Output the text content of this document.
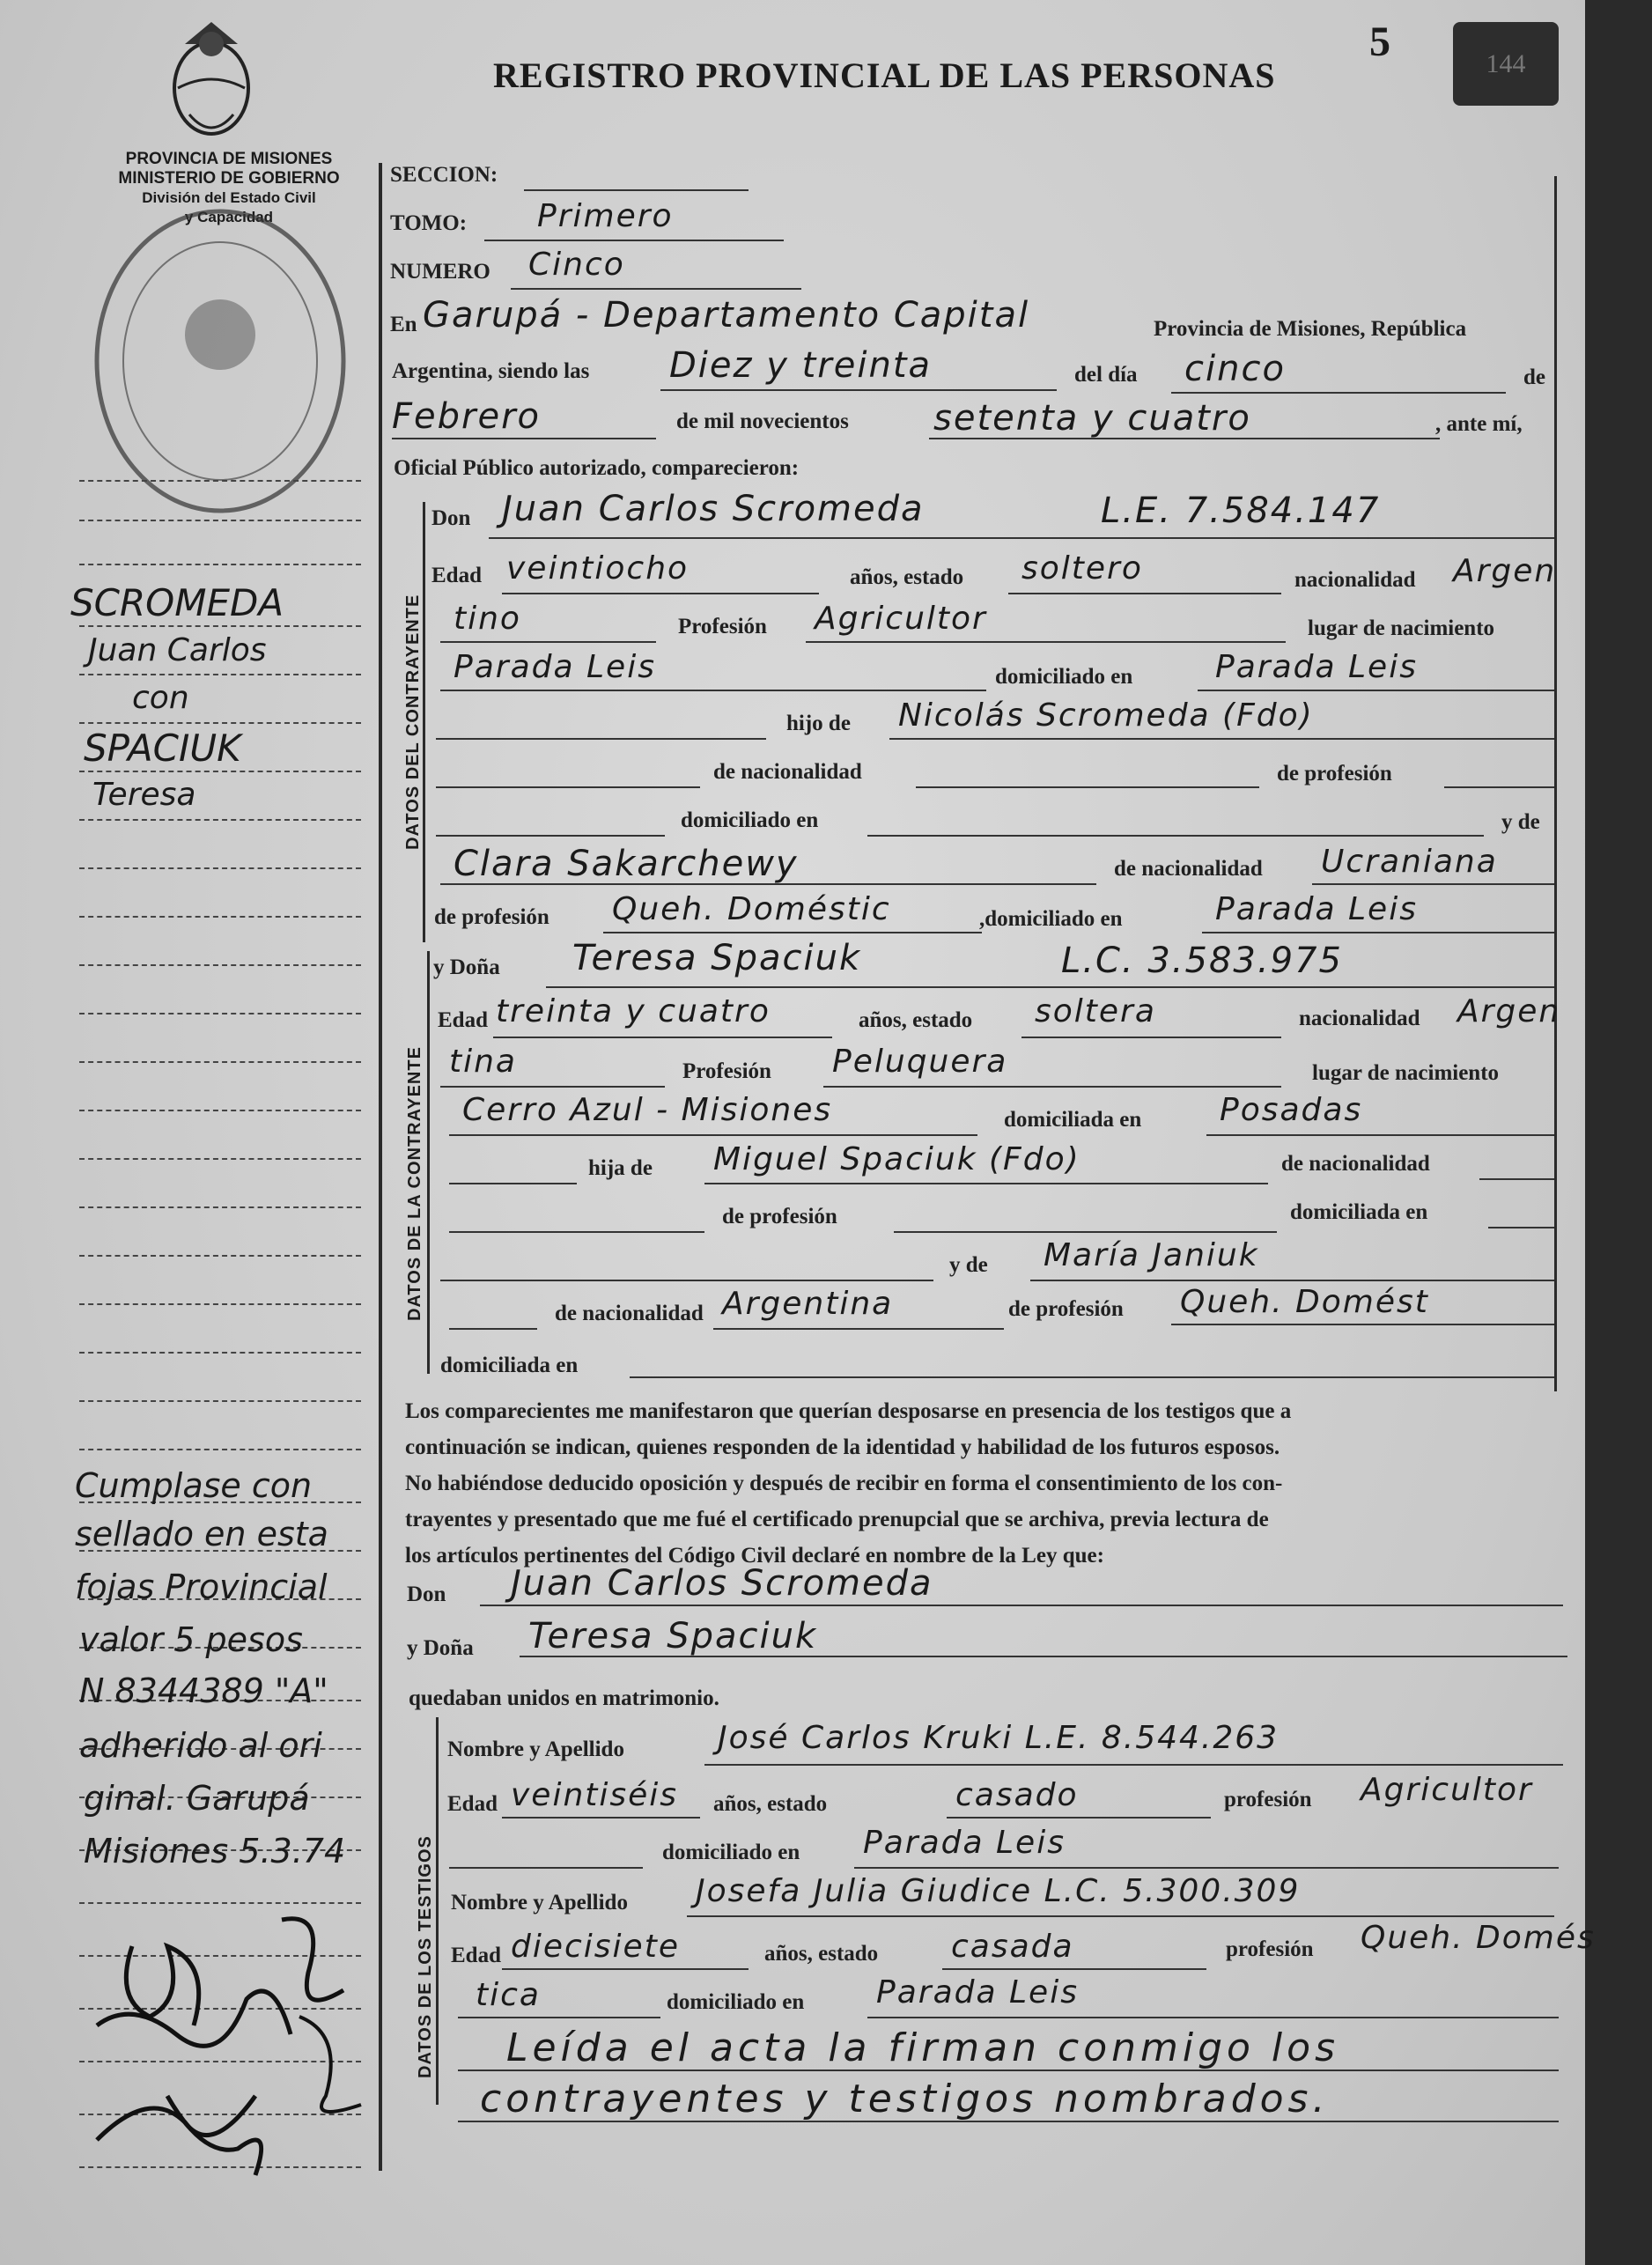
PROVINCIA DE MISIONES
MINISTERIO DE GOBIERNO
División del Estado Civil
y Capacidad
REGISTRO PROVINCIAL DE LAS PERSONAS
5	144
DATOS DEL CONTRAYENTE
DATOS DE LA CONTRAYENTE
DATOS DE LOS TESTIGOS
SECCION:
TOMO: Primero
NUMERO Cinco
En Garupá - Departamento Capital	Provincia de Misiones, República
Argentina, siendo las Diez y treinta	del día cinco	de
Febrero	de mil novecientos setenta y cuatro	, ante mí,
Oficial Público autorizado, comparecieron:
Don Juan Carlos Scromeda	L.E. 7.584.147
Edad veintiocho	años, estado soltero	nacionalidad Argen
tino	Profesión Agricultor	lugar de nacimiento
Parada Leis	domiciliado en	Parada Leis
hijo de Nicolás Scromeda (Fdo)
de nacionalidad	de profesión
domiciliado en	y de
Clara Sakarchewy	de nacionalidad Ucraniana
de profesión Queh. Doméstic	,domiciliado en	Parada Leis
y Doña Teresa Spaciuk	L.C. 3.583.975
Edad treinta y cuatro	años, estado soltera	nacionalidad Argen
tina	Profesión Peluquera	lugar de nacimiento
Cerro Azul - Misiones	domiciliada en Posadas
hija de Miguel Spaciuk (Fdo)	de nacionalidad
de profesión	domiciliada en
y de María Janiuk
de nacionalidad Argentina	de profesión Queh. Domést
domiciliada en
Los comparecientes me manifestaron que querían desposarse en presencia de los testigos que a
continuación se indican, quienes responden de la identidad y habilidad de los futuros esposos.
No habiéndose deducido oposición y después de recibir en forma el consentimiento de los con-
trayentes y presentado que me fué el certificado prenupcial que se archiva, previa lectura de
los artículos pertinentes del Código Civil declaré en nombre de la Ley que:
Don Juan Carlos Scromeda
y Doña Teresa Spaciuk
quedaban unidos en matrimonio.
Nombre y Apellido	José Carlos Kruki L.E. 8.544.263
Edad veintiséis años, estado	casado	profesión Agricultor
domiciliado en Parada Leis
Nombre y Apellido Josefa Julia Giudice L.C. 5.300.309
Edad diecisiete	años, estado casada	profesión Queh. Domés
tica	domiciliado en Parada Leis
Leída el acta la firman conmigo los
contrayentes y testigos nombrados.
SCROMEDA
Juan Carlos
con
SPACIUK
Teresa
Cumplase con
sellado en esta
fojas Provincial
valor 5 pesos
N 8344389 "A"
adherido al ori
ginal. Garupá
Misiones 5.3.74
